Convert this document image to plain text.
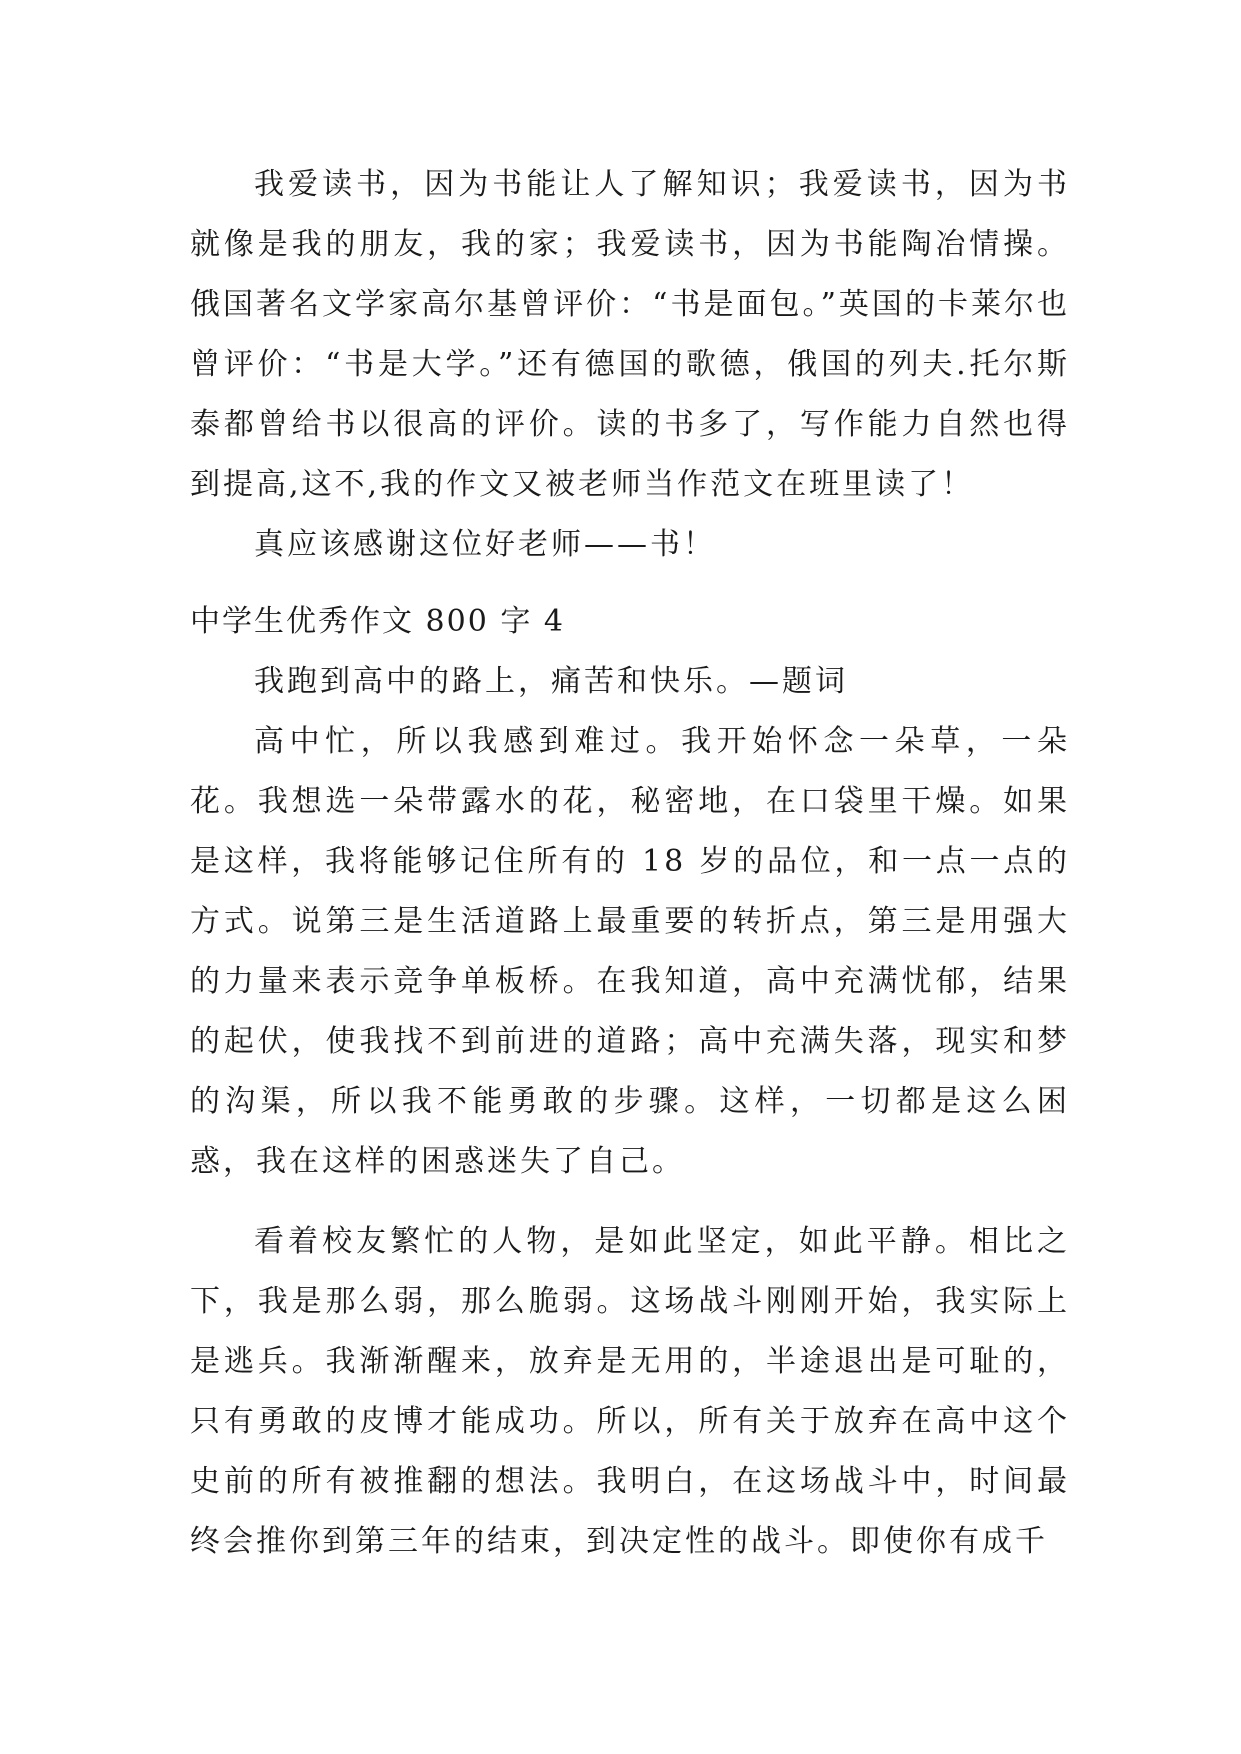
我爱读书，因为书能让人了解知识；我爱读书，因为书就像是我的朋友，我的家；我爱读书，因为书能陶冶情操。俄国著名文学家高尔基曾评价：“书是面包。”英国的卡莱尔也曾评价：“书是大学。”还有德国的歌德，俄国的列夫.托尔斯泰都曾给书以很高的评价。读的书多了，写作能力自然也得到提高,这不,我的作文又被老师当作范文在班里读了！

真应该感谢这位好老师——书！

中学生优秀作文 800 字 4

我跑到高中的路上，痛苦和快乐。—题词

高中忙，所以我感到难过。我开始怀念一朵草，一朵花。我想选一朵带露水的花，秘密地，在口袋里干燥。如果是这样，我将能够记住所有的 18 岁的品位，和一点一点的方式。说第三是生活道路上最重要的转折点，第三是用强大的力量来表示竞争单板桥。在我知道，高中充满忧郁，结果的起伏，使我找不到前进的道路；高中充满失落，现实和梦的沟渠，所以我不能勇敢的步骤。这样，一切都是这么困惑，我在这样的困惑迷失了自己。

看着校友繁忙的人物，是如此坚定，如此平静。相比之下，我是那么弱，那么脆弱。这场战斗刚刚开始，我实际上是逃兵。我渐渐醒来，放弃是无用的，半途退出是可耻的，只有勇敢的皮博才能成功。所以，所有关于放弃在高中这个史前的所有被推翻的想法。我明白，在这场战斗中，时间最终会推你到第三年的结束，到决定性的战斗。即使你有成千
